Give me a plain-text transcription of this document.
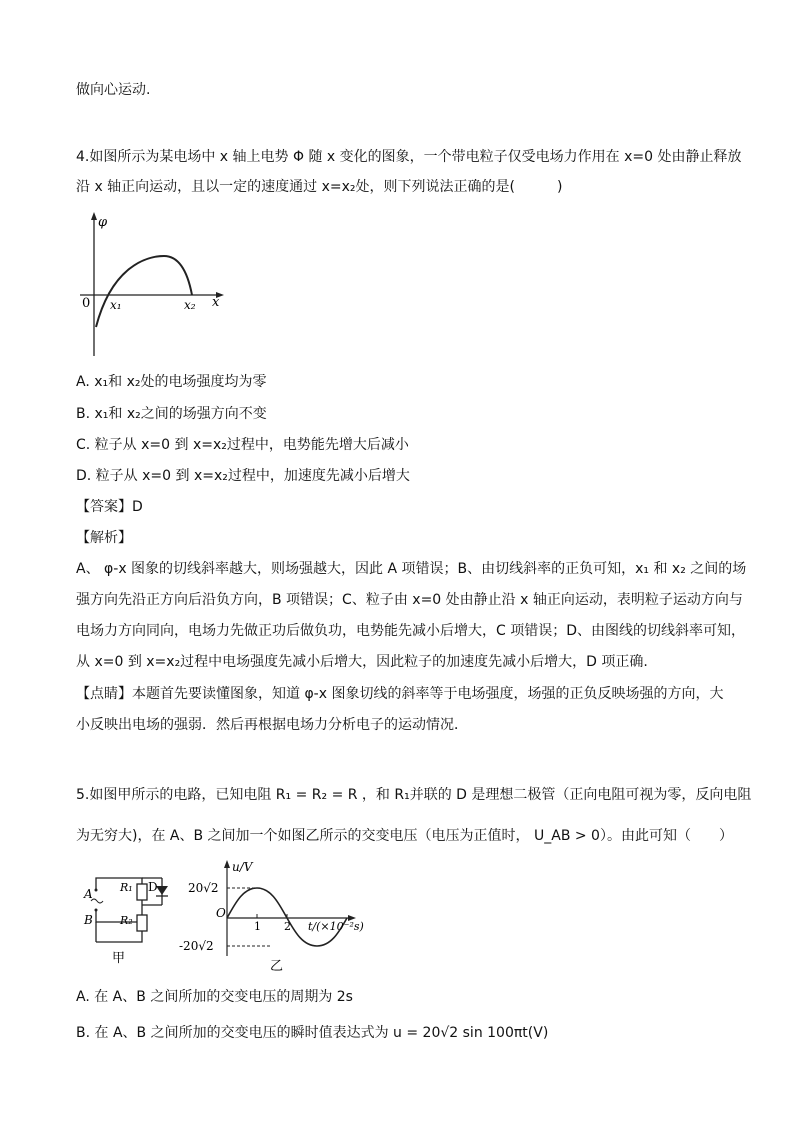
做向心运动.
4.如图所示为某电场中 x 轴上电势 Φ 随 x 变化的图象，一个带电粒子仅受电场力作用在 x=0 处由静止释放
沿 x 轴正向运动，且以一定的速度通过 x=x₂处，则下列说法正确的是(　　　)
φ
x
0 x₁	x₂
A. x₁和 x₂处的电场强度均为零
B. x₁和 x₂之间的场强方向不变
C. 粒子从 x=0 到 x=x₂过程中，电势能先增大后减小
D. 粒子从 x=0 到 x=x₂过程中，加速度先减小后增大
【答案】D
【解析】
A、 φ-x 图象的切线斜率越大，则场强越大，因此 A 项错误；B、由切线斜率的正负可知，x₁ 和 x₂ 之间的场
强方向先沿正方向后沿负方向，B 项错误；C、粒子由 x=0 处由静止沿 x 轴正向运动，表明粒子运动方向与
电场力方向同向，电场力先做正功后做负功，电势能先减小后增大，C 项错误；D、由图线的切线斜率可知，
从 x=0 到 x=x₂过程中电场强度先减小后增大，因此粒子的加速度先减小后增大，D 项正确.
【点睛】本题首先要读懂图象，知道 φ-x 图象切线的斜率等于电场强度，场强的正负反映场强的方向，大
小反映出电场的强弱．然后再根据电场力分析电子的运动情况．
5.如图甲所示的电路，已知电阻 R₁ = R₂ = R ，和 R₁并联的 D 是理想二极管（正向电阻可视为零，反向电阻
为无穷大)，在 A、B 之间加一个如图乙所示的交变电压（电压为正值时， U_AB > 0）。由此可知（　　）
A
B
R₁
R₂
D
甲
u/V
20√2
-20√2
O
1 2 t/(×10⁻²s)
乙
A. 在 A、B 之间所加的交变电压的周期为 2s
B. 在 A、B 之间所加的交变电压的瞬时值表达式为 u = 20√2 sin 100πt(V)
